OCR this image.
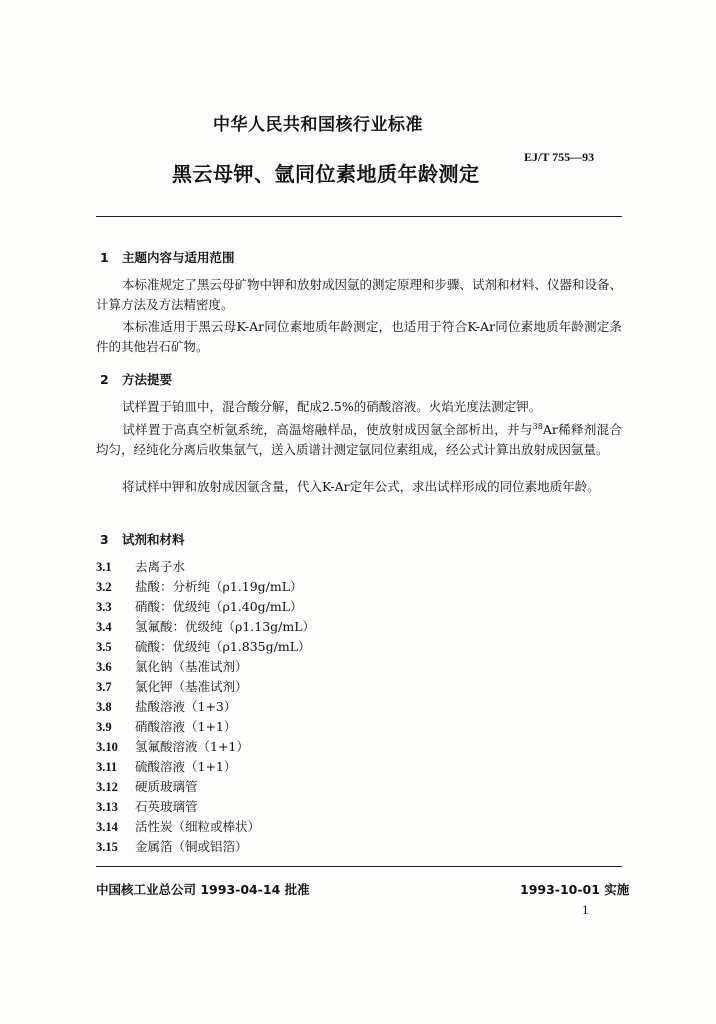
中华人民共和国核行业标准
黑云母钾、氩同位素地质年龄测定
EJ/T 755—93
1 主题内容与适用范围
本标准规定了黑云母矿物中钾和放射成因氩的测定原理和步骤、试剂和材料、仪器和设备、计算方法及方法精密度。
本标准适用于黑云母K-Ar同位素地质年龄测定，也适用于符合K-Ar同位素地质年龄测定条件的其他岩石矿物。
2 方法提要
试样置于铂皿中，混合酸分解，配成2.5%的硝酸溶液。火焰光度法测定钾。
试样置于高真空析氩系统，高温熔融样品，使放射成因氩全部析出，并与$^{38}$Ar稀释剂混合均匀，经纯化分离后收集氩气，送入质谱计测定氩同位素组成，经公式计算出放射成因氩量。
将试样中钾和放射成因氩含量，代入K-Ar定年公式，求出试样形成的同位素地质年龄。
3 试剂和材料
3.1 去离子水
3.2 盐酸：分析纯（ρ1.19g/mL）
3.3 硝酸：优级纯（ρ1.40g/mL）
3.4 氢氟酸：优级纯（ρ1.13g/mL）
3.5 硫酸：优级纯（ρ1.835g/mL）
3.6 氯化钠（基准试剂）
3.7 氯化钾（基准试剂）
3.8 盐酸溶液（1+3）
3.9 硝酸溶液（1+1）
3.10 氢氟酸溶液（1+1）
3.11 硫酸溶液（1+1）
3.12 硬质玻璃管
3.13 石英玻璃管
3.14 活性炭（细粒或棒状）
3.15 金属箔（铜或铝箔）
中国核工业总公司 1993-04-14 批准	1993-10-01 实施
1
